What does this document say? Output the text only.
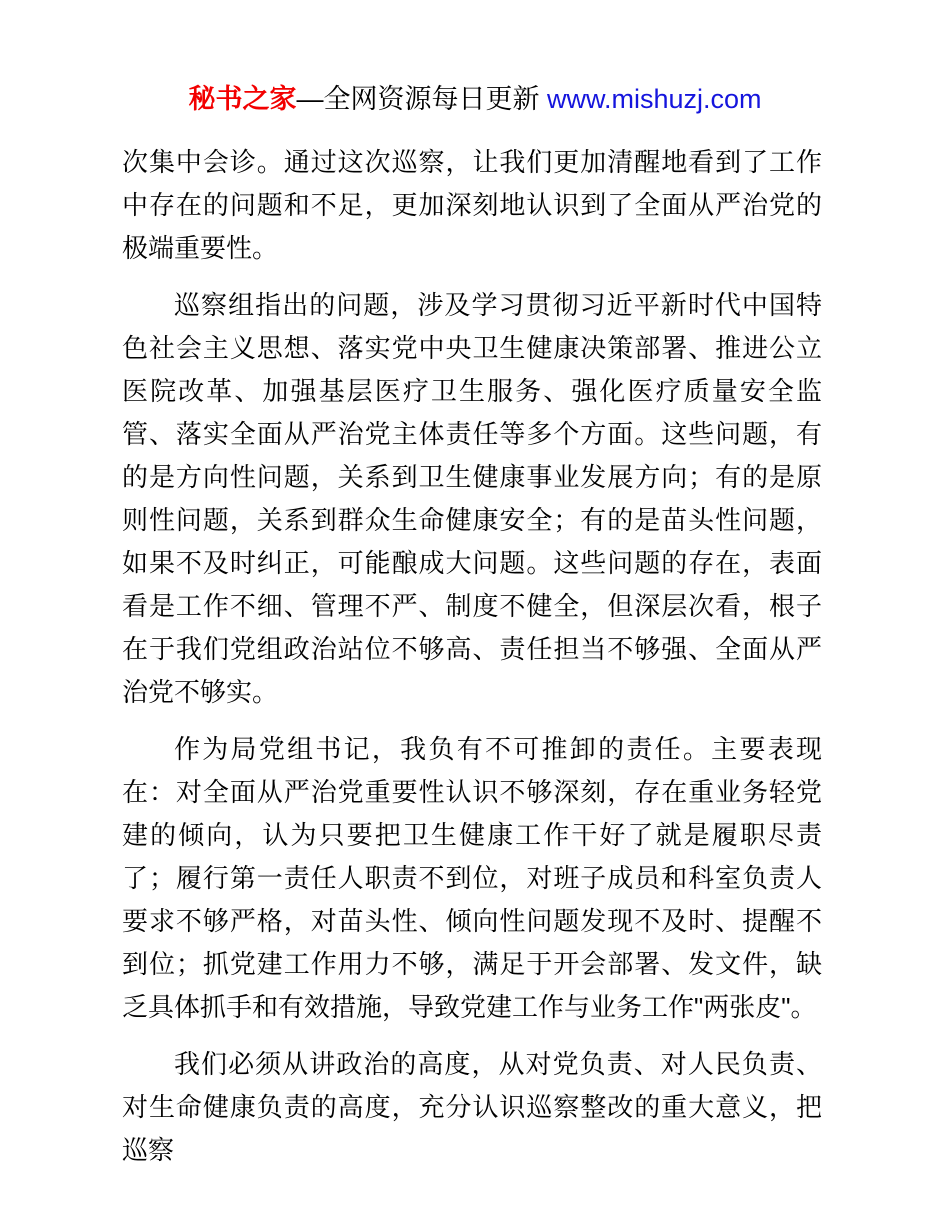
秘书之家—全网资源每日更新 www.mishuzj.com

次集中会诊。通过这次巡察，让我们更加清醒地看到了工作中存在的问题和不足，更加深刻地认识到了全面从严治党的极端重要性。

巡察组指出的问题，涉及学习贯彻习近平新时代中国特色社会主义思想、落实党中央卫生健康决策部署、推进公立医院改革、加强基层医疗卫生服务、强化医疗质量安全监管、落实全面从严治党主体责任等多个方面。这些问题，有的是方向性问题，关系到卫生健康事业发展方向；有的是原则性问题，关系到群众生命健康安全；有的是苗头性问题，如果不及时纠正，可能酿成大问题。这些问题的存在，表面看是工作不细、管理不严、制度不健全，但深层次看，根子在于我们党组政治站位不够高、责任担当不够强、全面从严治党不够实。

作为局党组书记，我负有不可推卸的责任。主要表现在：对全面从严治党重要性认识不够深刻，存在重业务轻党建的倾向，认为只要把卫生健康工作干好了就是履职尽责了；履行第一责任人职责不到位，对班子成员和科室负责人要求不够严格，对苗头性、倾向性问题发现不及时、提醒不到位；抓党建工作用力不够，满足于开会部署、发文件，缺乏具体抓手和有效措施，导致党建工作与业务工作"两张皮"。

我们必须从讲政治的高度，从对党负责、对人民负责、对生命健康负责的高度，充分认识巡察整改的重大意义，把巡察
